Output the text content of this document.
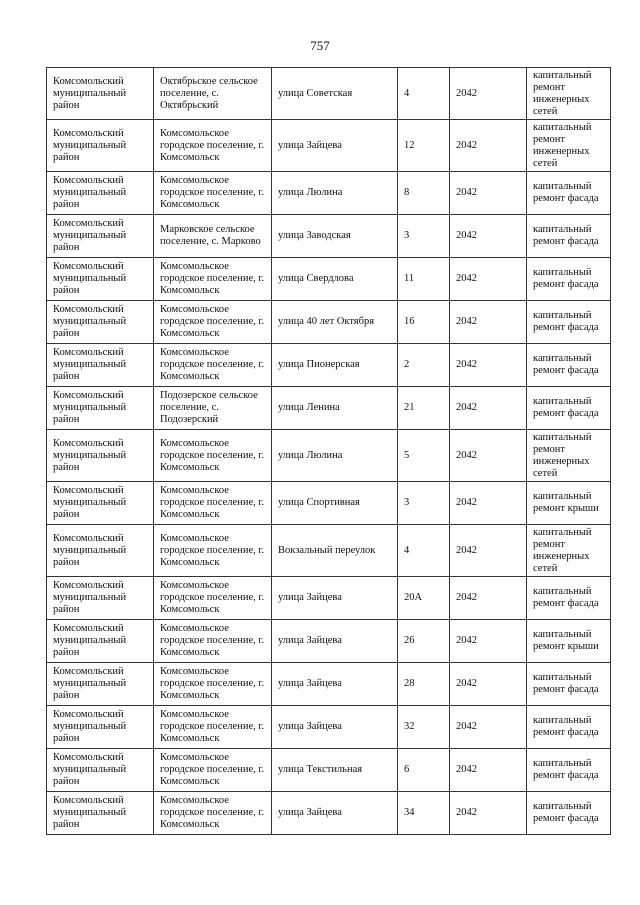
757
Комсомольский муниципальный район	Октябрьское сельское поселение, с. Октябрьский	улица Советская	4	2042	капитальный ремонт инженерных сетей
Комсомольский муниципальный район	Комсомольское городское поселение, г. Комсомольск	улица Зайцева	12	2042	капитальный ремонт инженерных сетей
Комсомольский муниципальный район	Комсомольское городское поселение, г. Комсомольск	улица Люлина	8	2042	капитальный ремонт фасада
Комсомольский муниципальный район	Марковское сельское поселение, с. Марково	улица Заводская	3	2042	капитальный ремонт фасада
Комсомольский муниципальный район	Комсомольское городское поселение, г. Комсомольск	улица Свердлова	11	2042	капитальный ремонт фасада
Комсомольский муниципальный район	Комсомольское городское поселение, г. Комсомольск	улица 40 лет Октября	16	2042	капитальный ремонт фасада
Комсомольский муниципальный район	Комсомольское городское поселение, г. Комсомольск	улица Пионерская	2	2042	капитальный ремонт фасада
Комсомольский муниципальный район	Подозерское сельское поселение, с. Подозерский	улица Ленина	21	2042	капитальный ремонт фасада
Комсомольский муниципальный район	Комсомольское городское поселение, г. Комсомольск	улица Люлина	5	2042	капитальный ремонт инженерных сетей
Комсомольский муниципальный район	Комсомольское городское поселение, г. Комсомольск	улица Спортивная	3	2042	капитальный ремонт крыши
Комсомольский муниципальный район	Комсомольское городское поселение, г. Комсомольск	Вокзальный переулок	4	2042	капитальный ремонт инженерных сетей
Комсомольский муниципальный район	Комсомольское городское поселение, г. Комсомольск	улица Зайцева	20А	2042	капитальный ремонт фасада
Комсомольский муниципальный район	Комсомольское городское поселение, г. Комсомольск	улица Зайцева	26	2042	капитальный ремонт крыши
Комсомольский муниципальный район	Комсомольское городское поселение, г. Комсомольск	улица Зайцева	28	2042	капитальный ремонт фасада
Комсомольский муниципальный район	Комсомольское городское поселение, г. Комсомольск	улица Зайцева	32	2042	капитальный ремонт фасада
Комсомольский муниципальный район	Комсомольское городское поселение, г. Комсомольск	улица Текстильная	6	2042	капитальный ремонт фасада
Комсомольский муниципальный район	Комсомольское городское поселение, г. Комсомольск	улица Зайцева	34	2042	капитальный ремонт фасада
